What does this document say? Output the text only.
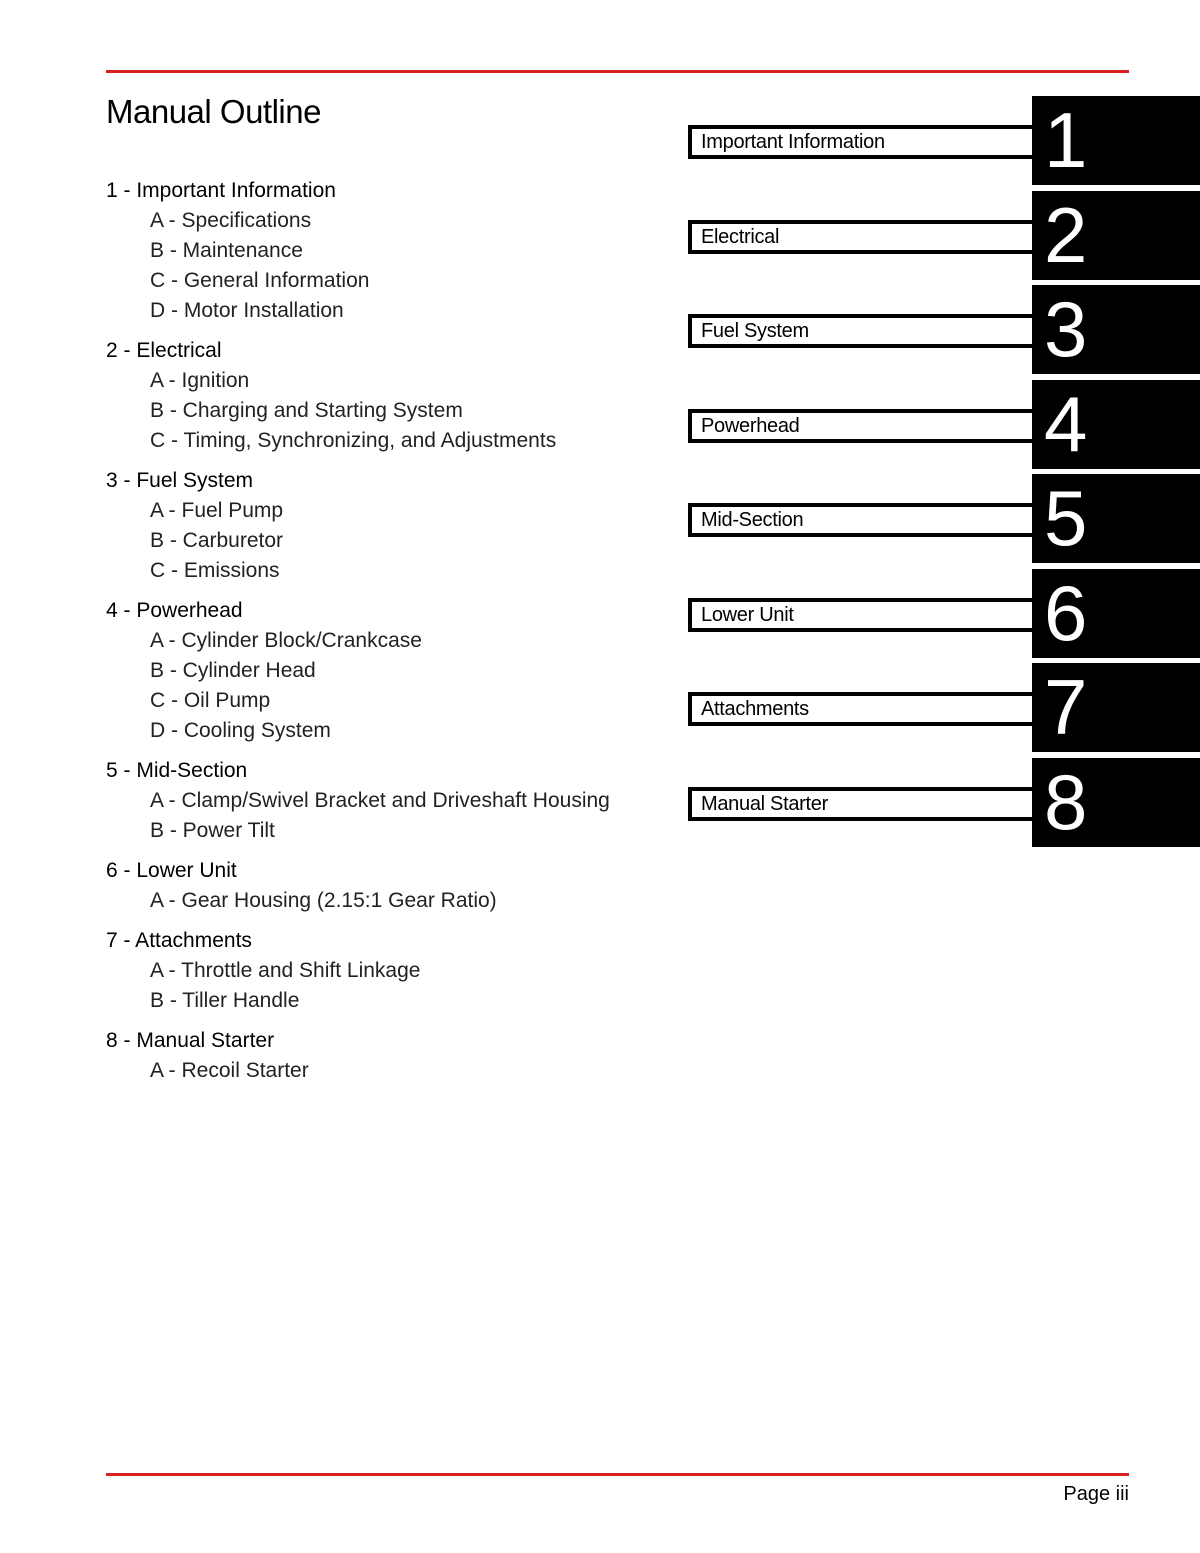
Manual Outline
1 - Important Information
A - Specifications
B - Maintenance
C - General Information
D - Motor Installation
2 - Electrical
A - Ignition
B - Charging and Starting System
C - Timing, Synchronizing, and Adjustments
3 - Fuel System
A - Fuel Pump
B - Carburetor
C - Emissions
4 - Powerhead
A - Cylinder Block/Crankcase
B - Cylinder Head
C - Oil Pump
D - Cooling System
5 - Mid-Section
A - Clamp/Swivel Bracket and Driveshaft Housing
B - Power Tilt
6 - Lower Unit
A - Gear Housing (2.15:1 Gear Ratio)
7 - Attachments
A - Throttle and Shift Linkage
B - Tiller Handle
8 - Manual Starter
A - Recoil Starter
Important Information	1
Electrical	2
Fuel System	3
Powerhead	4
Mid-Section	5
Lower Unit	6
Attachments	7
Manual Starter	8
Page iii
